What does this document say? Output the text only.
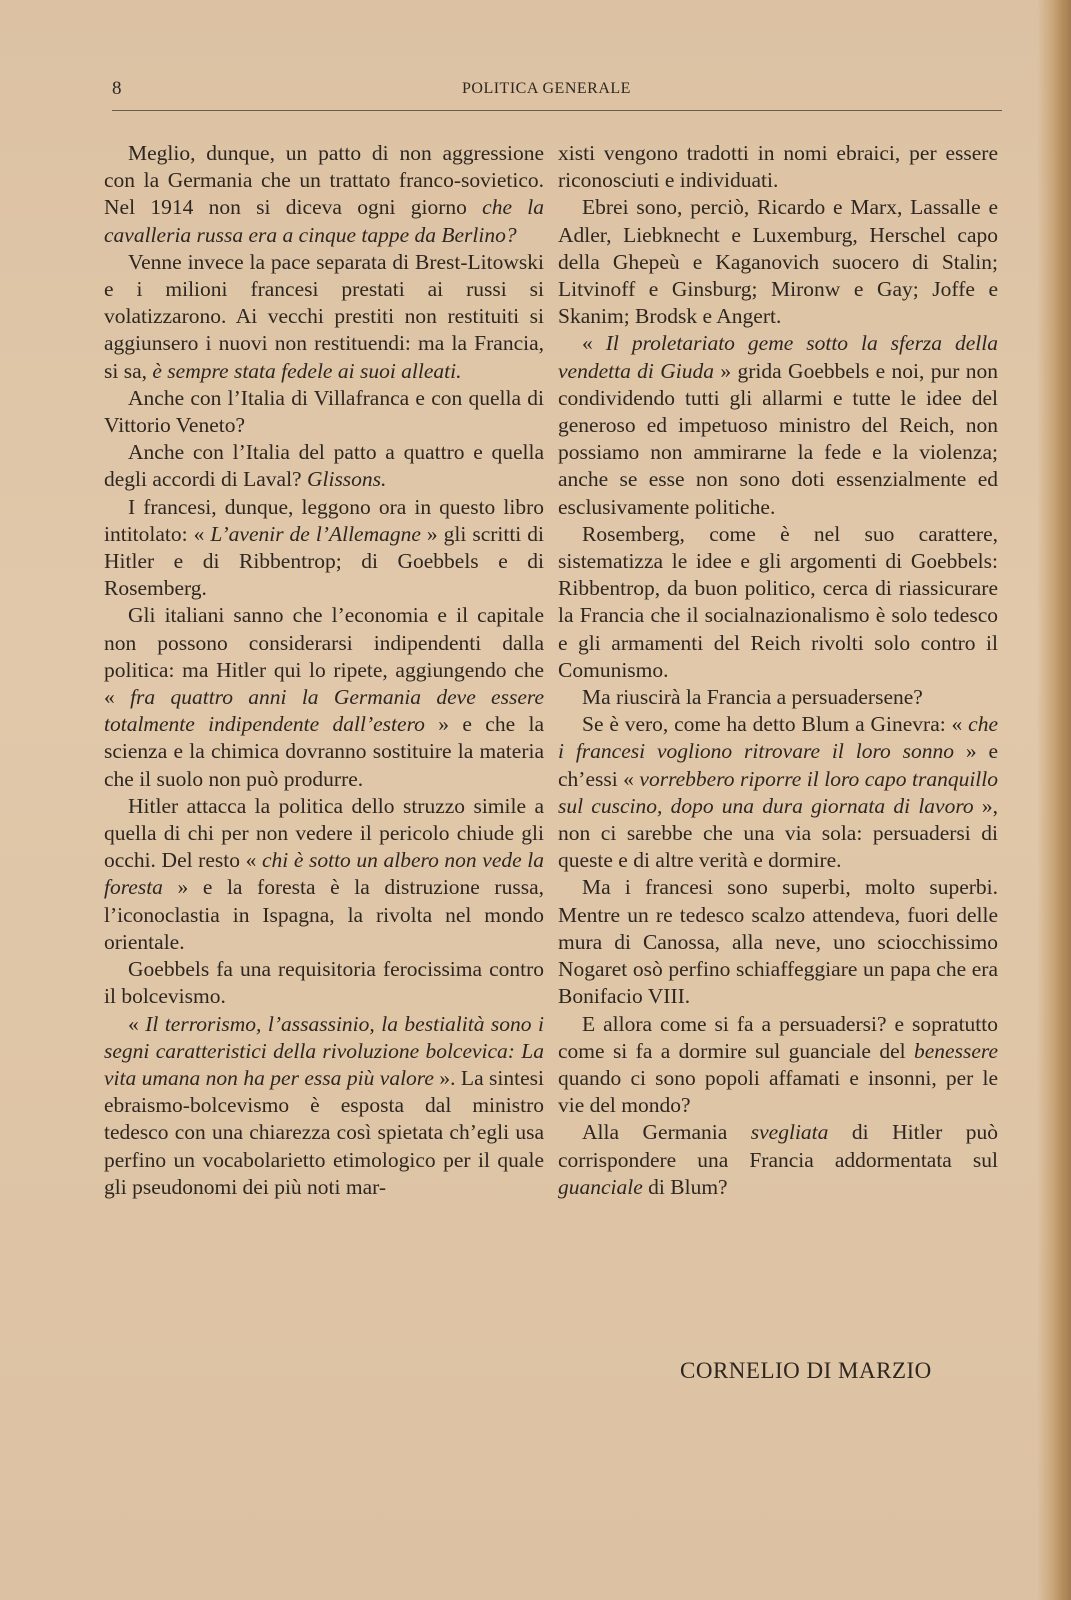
8	POLITICA GENERALE

Meglio, dunque, un patto di non aggressione con la Germania che un trattato franco-sovietico. Nel 1914 non si diceva ogni giorno che la cavalleria russa era a cinque tappe da Berlino?

Venne invece la pace separata di Brest-Litowski e i milioni francesi prestati ai russi si volatizzarono. Ai vecchi prestiti non restituiti si aggiunsero i nuovi non restituendi: ma la Francia, si sa, è sempre stata fedele ai suoi alleati.

Anche con l’Italia di Villafranca e con quella di Vittorio Veneto?

Anche con l’Italia del patto a quattro e quella degli accordi di Laval? Glissons.

I francesi, dunque, leggono ora in questo libro intitolato: « L’avenir de l’Allemagne » gli scritti di Hitler e di Ribbentrop; di Goebbels e di Rosemberg.

Gli italiani sanno che l’economia e il capitale non possono considerarsi indipendenti dalla politica: ma Hitler qui lo ripete, aggiungendo che « fra quattro anni la Germania deve essere totalmente indipendente dall’estero » e che la scienza e la chimica dovranno sostituire la materia che il suolo non può produrre.

Hitler attacca la politica dello struzzo simile a quella di chi per non vedere il pericolo chiude gli occhi. Del resto « chi è sotto un albero non vede la foresta » e la foresta è la distruzione russa, l’iconoclastia in Ispagna, la rivolta nel mondo orientale.

Goebbels fa una requisitoria ferocissima contro il bolcevismo.

« Il terrorismo, l’assassinio, la bestialità sono i segni caratteristici della rivoluzione bolcevica: La vita umana non ha per essa più valore ». La sintesi ebraismo-bolcevismo è esposta dal ministro tedesco con una chiarezza così spietata ch’egli usa perfino un vocabolarietto etimologico per il quale gli pseudonomi dei più noti mar-

xisti vengono tradotti in nomi ebraici, per essere riconosciuti e individuati.

Ebrei sono, perciò, Ricardo e Marx, Lassalle e Adler, Liebknecht e Luxemburg, Herschel capo della Ghepeù e Kaganovich suocero di Stalin; Litvinoff e Ginsburg; Mironw e Gay; Joffe e Skanim; Brodsk e Angert.

« Il proletariato geme sotto la sferza della vendetta di Giuda » grida Goebbels e noi, pur non condividendo tutti gli allarmi e tutte le idee del generoso ed impetuoso ministro del Reich, non possiamo non ammirarne la fede e la violenza; anche se esse non sono doti essenzialmente ed esclusivamente politiche.

Rosemberg, come è nel suo carattere, sistematizza le idee e gli argomenti di Goebbels: Ribbentrop, da buon politico, cerca di riassicurare la Francia che il socialnazionalismo è solo tedesco e gli armamenti del Reich rivolti solo contro il Comunismo.

Ma riuscirà la Francia a persuadersene?

Se è vero, come ha detto Blum a Ginevra: « che i francesi vogliono ritrovare il loro sonno » e ch’essi « vorrebbero riporre il loro capo tranquillo sul cuscino, dopo una dura giornata di lavoro », non ci sarebbe che una via sola: persuadersi di queste e di altre verità e dormire.

Ma i francesi sono superbi, molto superbi. Mentre un re tedesco scalzo attendeva, fuori delle mura di Canossa, alla neve, uno sciocchissimo Nogaret osò perfino schiaffeggiare un papa che era Bonifacio VIII.

E allora come si fa a persuadersi? e sopratutto come si fa a dormire sul guanciale del benessere quando ci sono popoli affamati e insonni, per le vie del mondo?

Alla Germania svegliata di Hitler può corrispondere una Francia addormentata sul guanciale di Blum?

CORNELIO DI MARZIO
